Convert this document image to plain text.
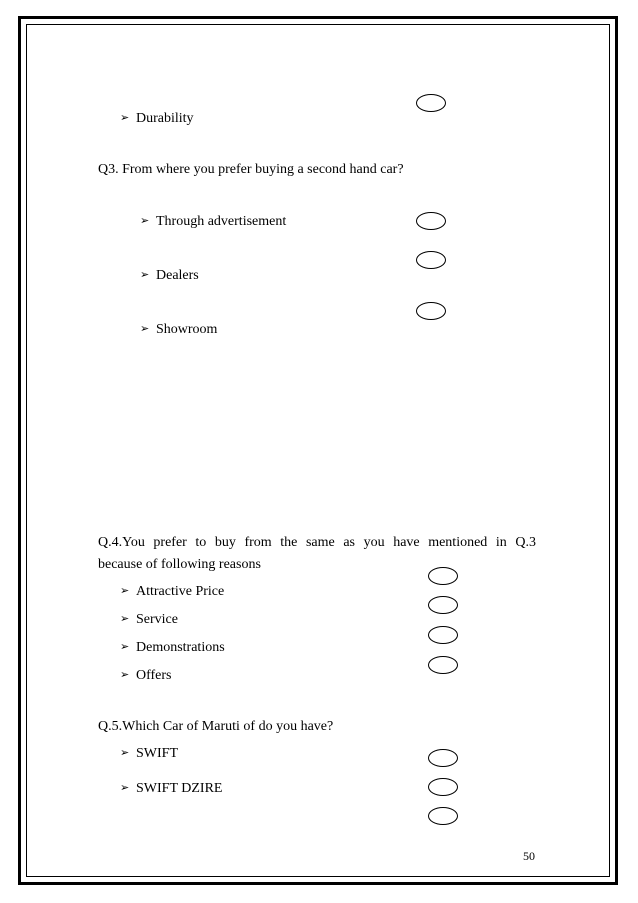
➢ Durability
Q3. From where you prefer buying a second hand car?
➢ Through advertisement
➢ Dealers
➢ Showroom
Q.4.You prefer to buy from the same as you have mentioned in Q.3
because of following reasons
➢ Attractive Price
➢ Service
➢ Demonstrations
➢ Offers
Q.5.Which Car of Maruti of do you have?
➢ SWIFT
➢ SWIFT DZIRE
50
